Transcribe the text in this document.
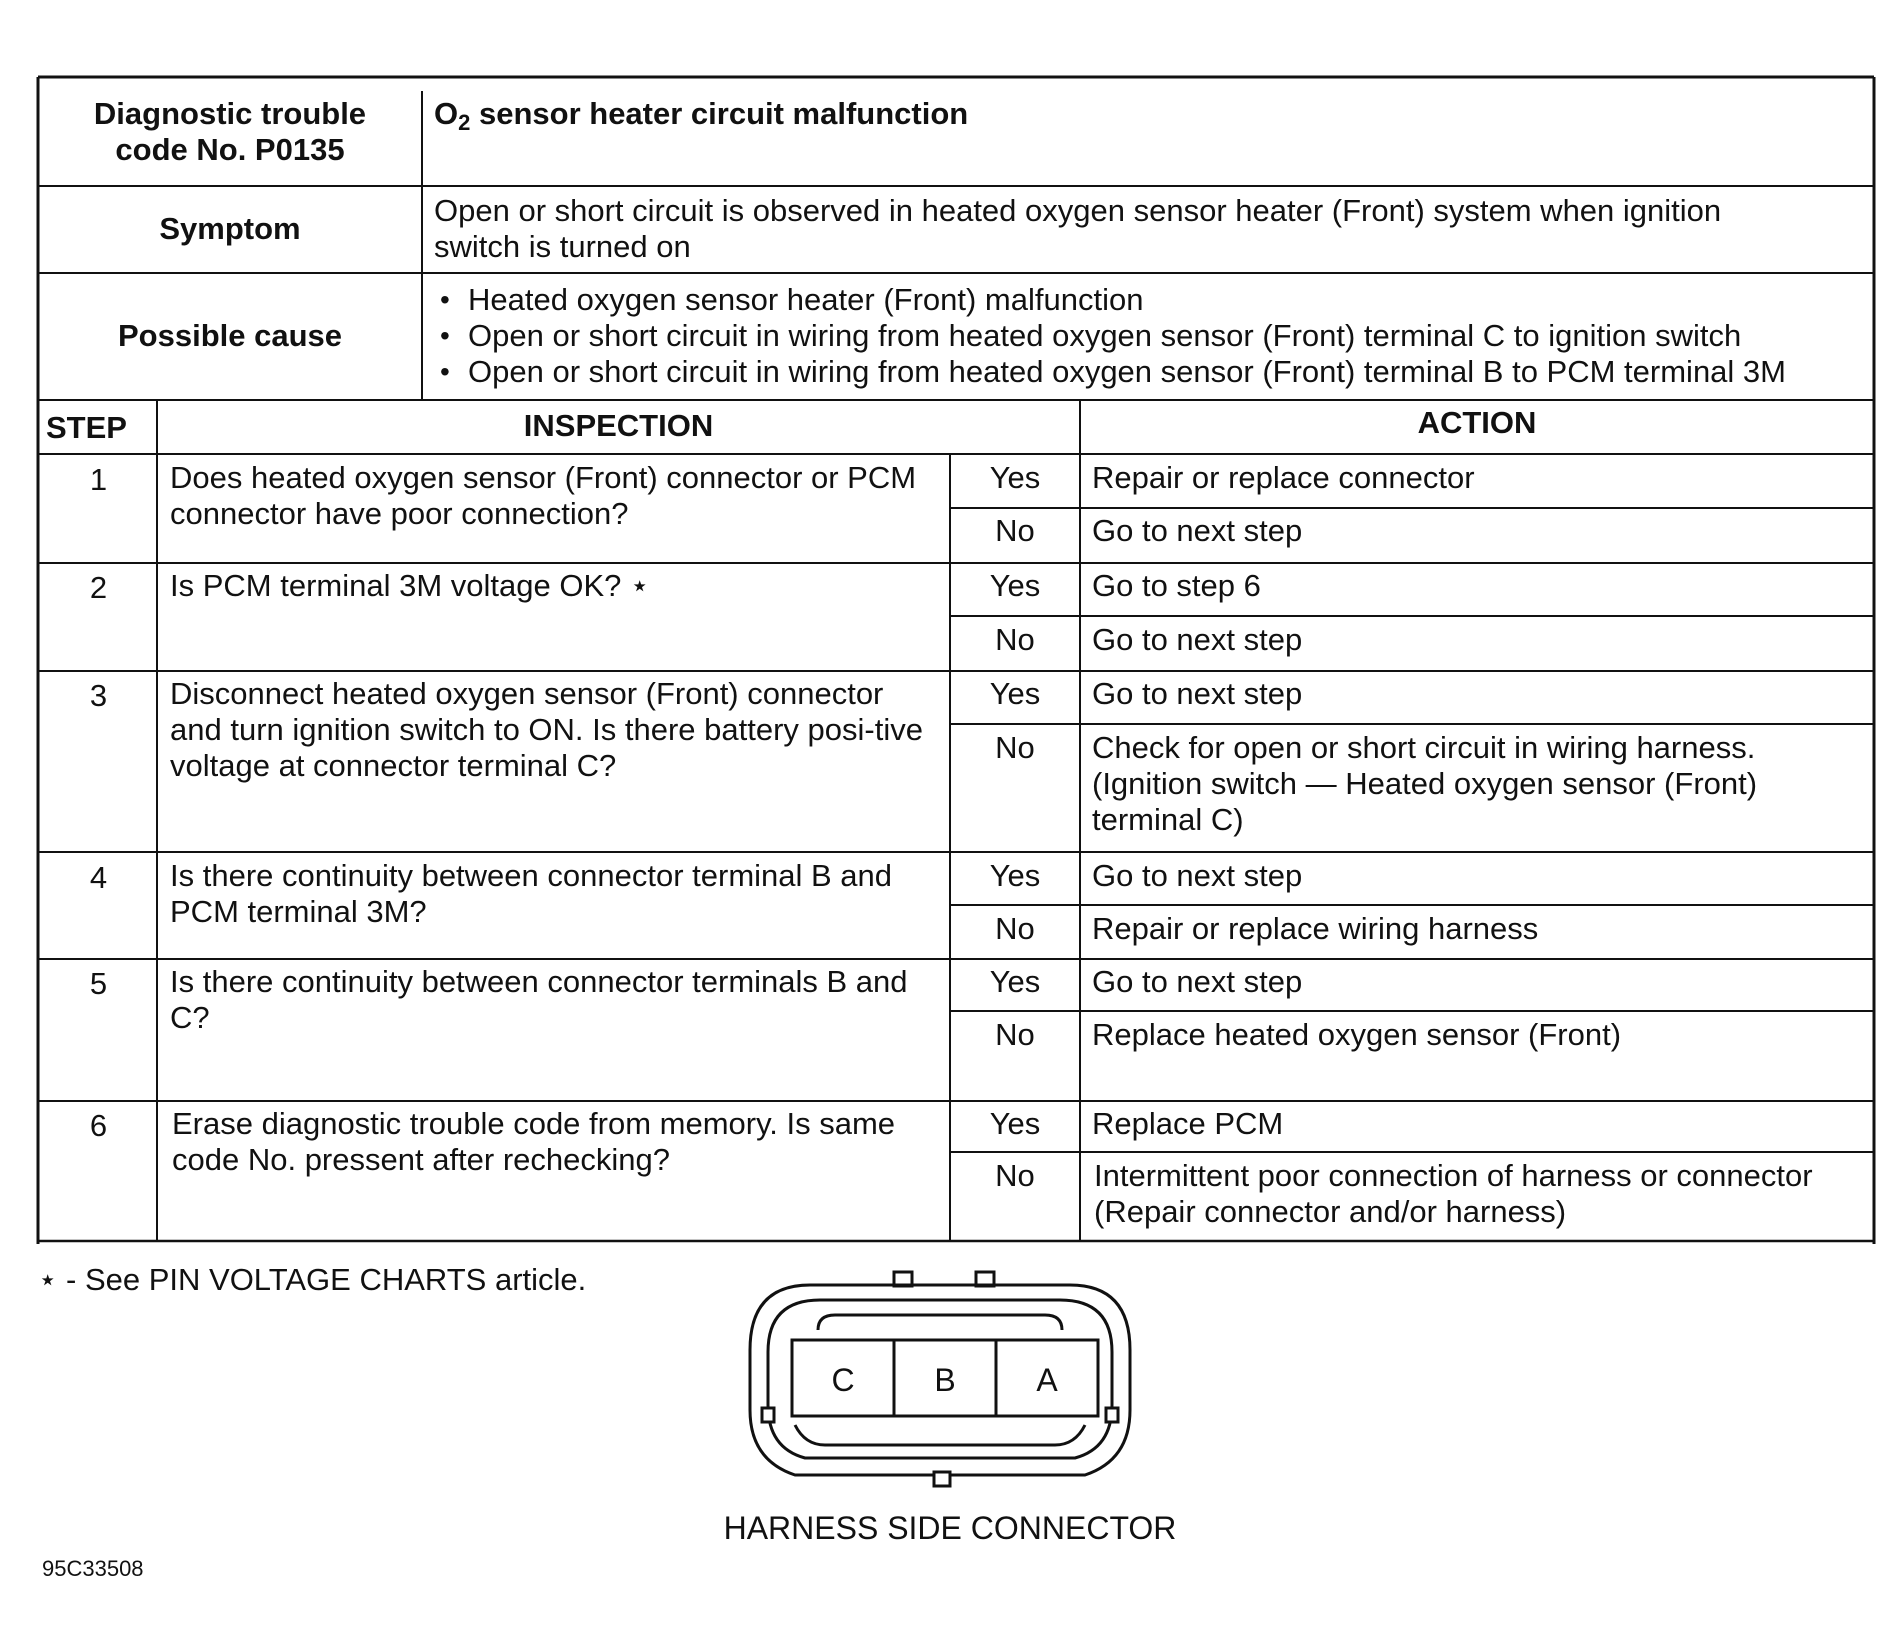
Diagnostic trouble code No. P0135
$O_2$ sensor heater circuit malfunction
Symptom
Open or short circuit is observed in heated oxygen sensor heater (Front) system when ignition switch is turned on
Possible cause
• Heated oxygen sensor heater (Front) malfunction
• Open or short circuit in wiring from heated oxygen sensor (Front) terminal C to ignition switch
• Open or short circuit in wiring from heated oxygen sensor (Front) terminal B to PCM terminal 3M
STEP	INSPECTION	ACTION
1	Does heated oxygen sensor (Front) connector or PCM connector have poor connection?
Yes	Repair or replace connector
No	Go to next step
2	Is PCM terminal 3M voltage OK? ⋆	Yes	Go to step 6
No	Go to next step
3	Disconnect heated oxygen sensor (Front) connector and turn ignition switch to ON. Is there battery posi-tive voltage at connector terminal C?
Yes	Go to next step
No	Check for open or short circuit in wiring harness. (Ignition switch — Heated oxygen sensor (Front) terminal C)
4	Is there continuity between connector terminal B and PCM terminal 3M?
Yes	Go to next step
No	Repair or replace wiring harness
5	Is there continuity between connector terminals B and C?
Yes	Go to next step
No	Replace heated oxygen sensor (Front)
6	Erase diagnostic trouble code from memory. Is same code No. pressent after rechecking?
Yes	Replace PCM
No	Intermittent poor connection of harness or connector (Repair connector and/or harness)
⋆ - See PIN VOLTAGE CHARTS article.
C	B	A
HARNESS SIDE CONNECTOR
95C33508
